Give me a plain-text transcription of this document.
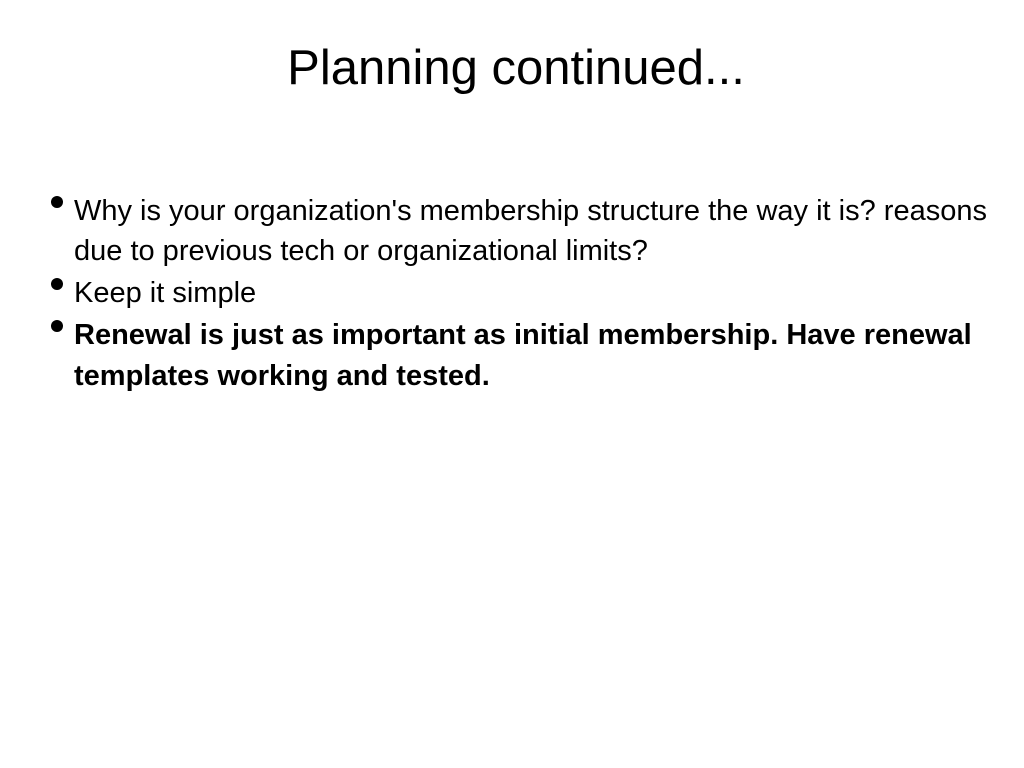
Planning continued...
Why is your organization's membership structure the way it is? reasons due to previous tech or organizational limits?
Keep it simple
Renewal is just as important as initial membership. Have renewal templates working and tested.
